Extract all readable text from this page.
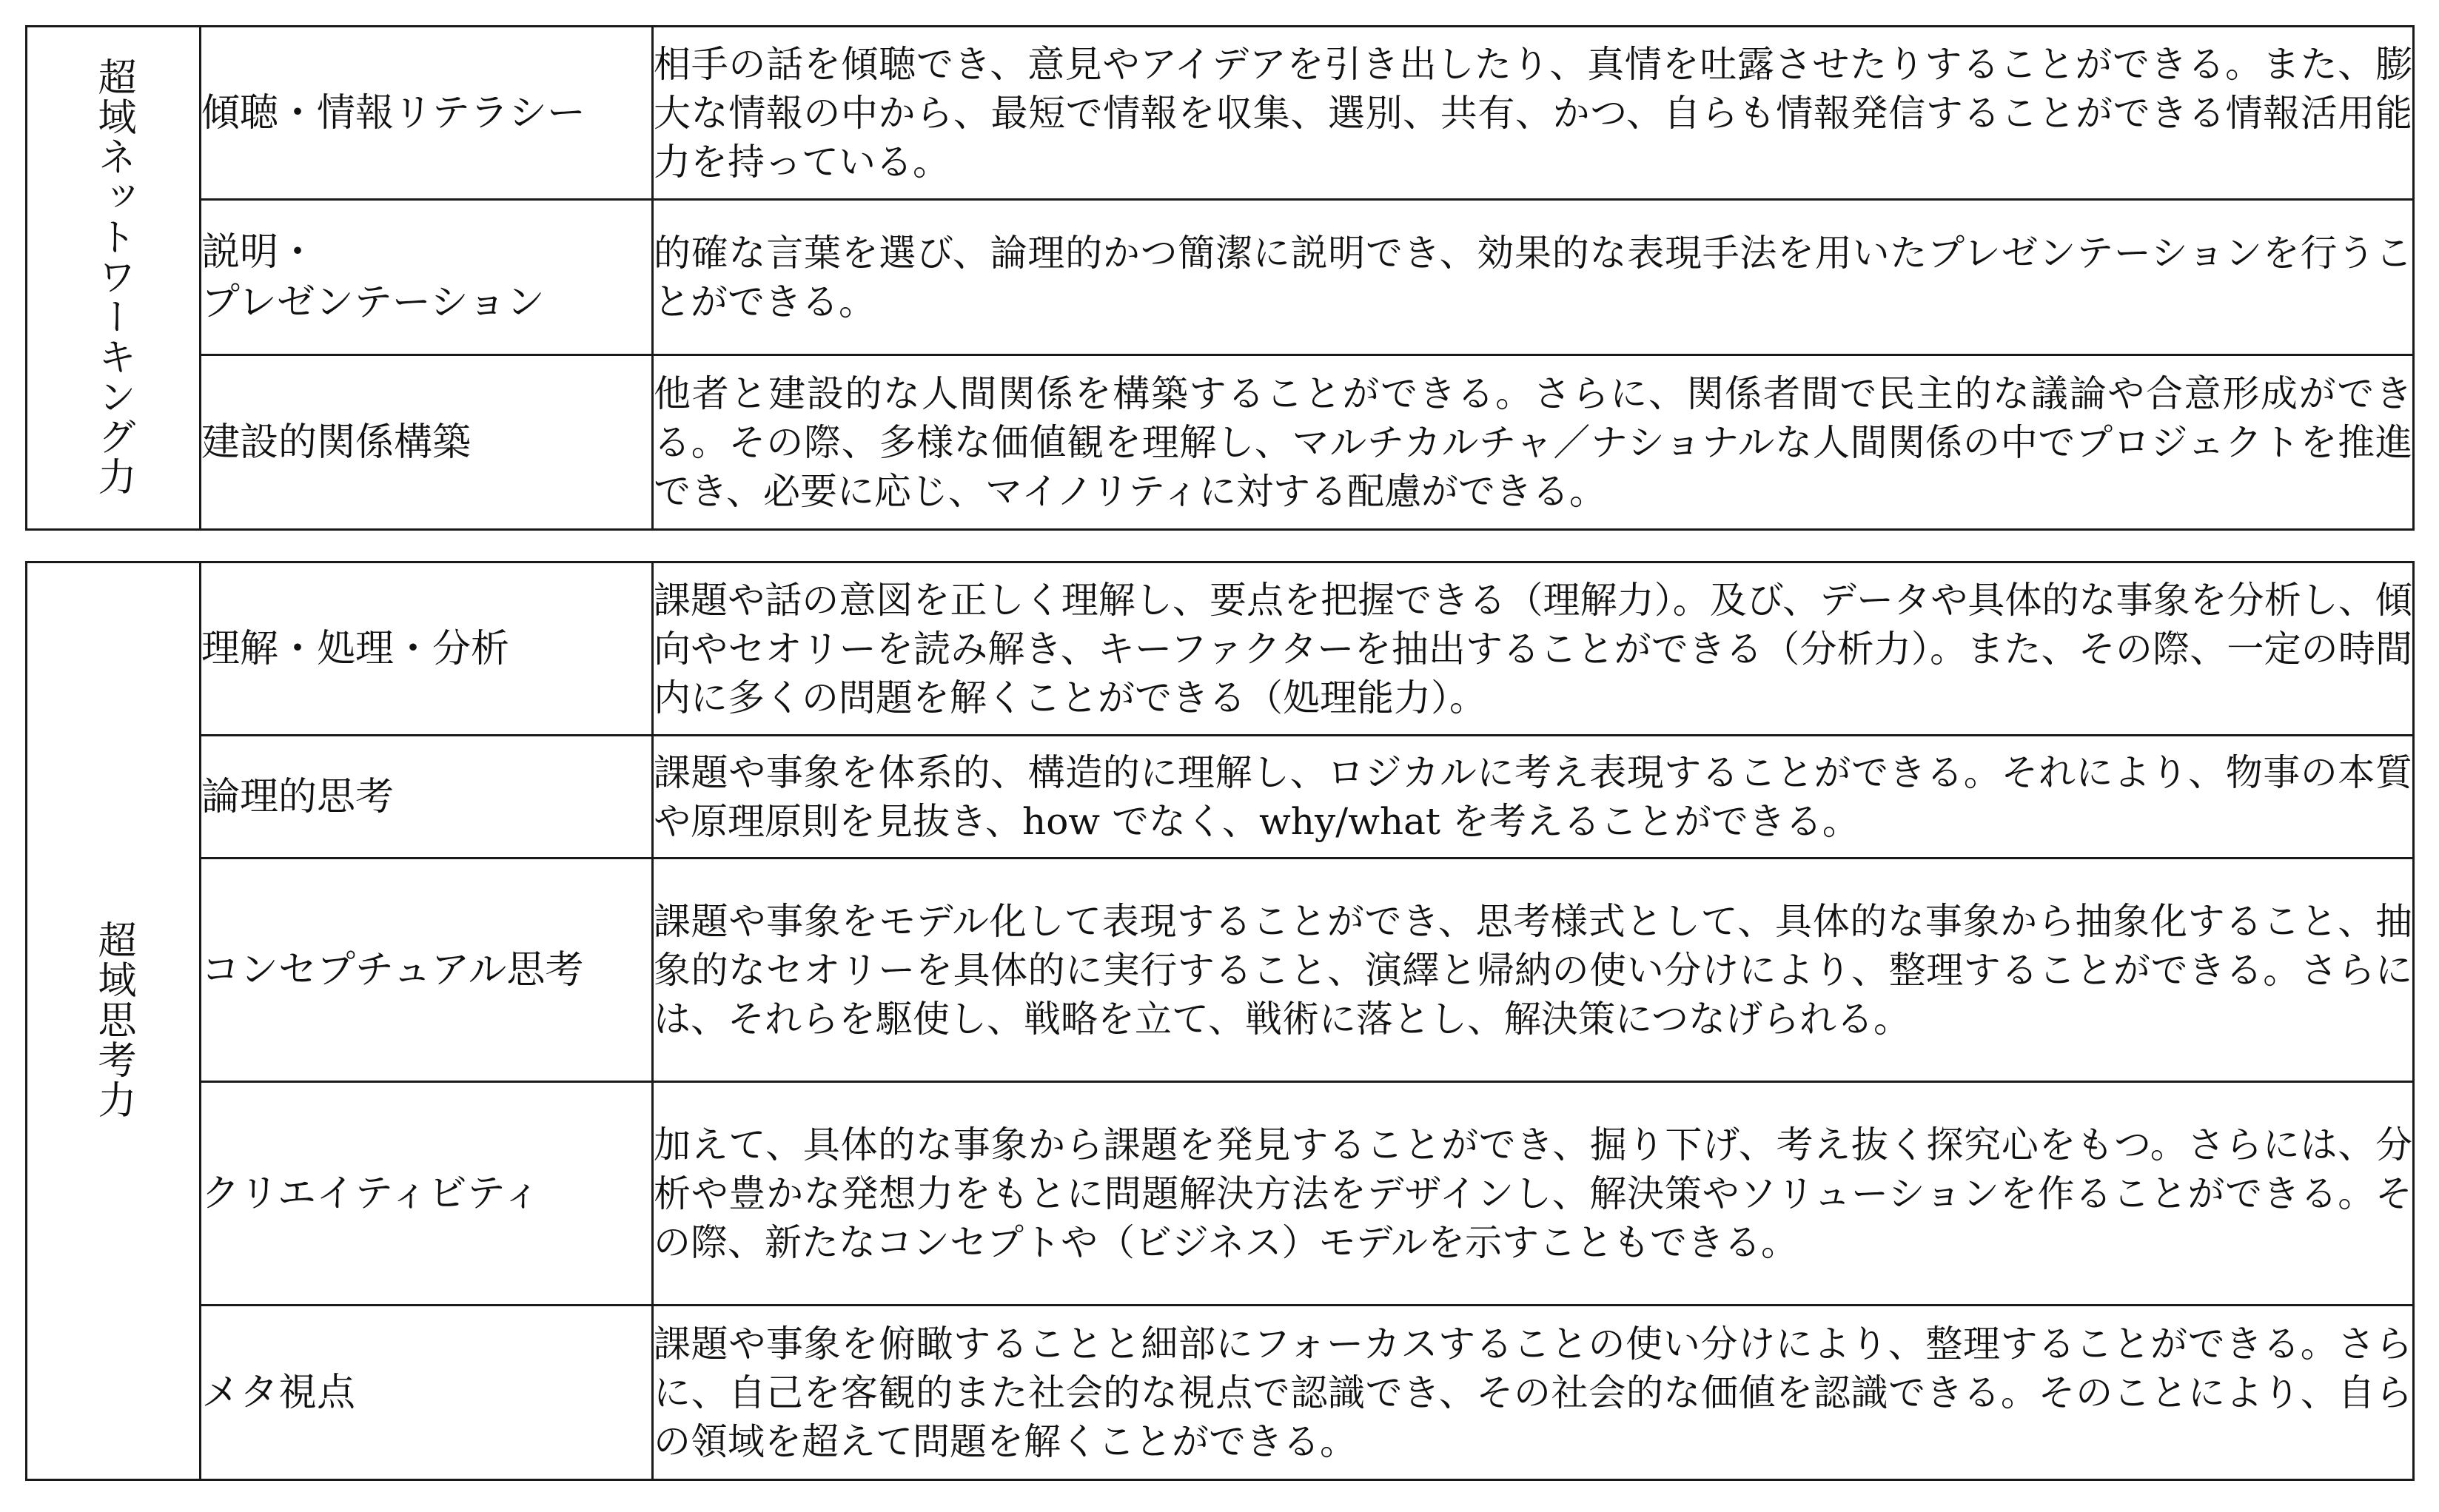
超域ネットワーキング力	傾聴・情報リテラシー	相手の話を傾聴でき、意見やアイデアを引き出したり、真情を吐露させたりすることができる。また、膨大な情報の中から、最短で情報を収集、選別、共有、かつ、自らも情報発信することができる情報活用能力を持っている。

	説明・
プレゼンテーション	的確な言葉を選び、論理的かつ簡潔に説明でき、効果的な表現手法を用いたプレゼンテーションを行うことができる。
	建設的関係構築	他者と建設的な人間関係を構築することができる。さらに、関係者間で民主的な議論や合意形成ができる。その際、多様な価値観を理解し、マルチカルチャ／ナショナルな人間関係の中でプロジェクトを推進でき、必要に応じ、マイノリティに対する配慮ができる。
超域思考力	理解・処理・分析	課題や話の意図を正しく理解し、要点を把握できる（理解力）。及び、データや具体的な事象を分析し、傾向やセオリーを読み解き、キーファクターを抽出することができる（分析力）。また、その際、一定の時間内に多くの問題を解くことができる（処理能力）。
	論理的思考	課題や事象を体系的、構造的に理解し、ロジカルに考え表現することができる。それにより、物事の本質や原理原則を見抜き、how でなく、why/what を考えることができる。
	コンセプチュアル思考	課題や事象をモデル化して表現することができ、思考様式として、具体的な事象から抽象化すること、抽象的なセオリーを具体的に実行すること、演繹と帰納の使い分けにより、整理することができる。さらには、それらを駆使し、戦略を立て、戦術に落とし、解決策につなげられる。
	クリエイティビティ	加えて、具体的な事象から課題を発見することができ、掘り下げ、考え抜く探究心をもつ。さらには、分析や豊かな発想力をもとに問題解決方法をデザインし、解決策やソリューションを作ることができる。その際、新たなコンセプトや（ビジネス）モデルを示すこともできる。
	メタ視点	課題や事象を俯瞰することと細部にフォーカスすることの使い分けにより、整理することができる。さらに、自己を客観的また社会的な視点で認識でき、その社会的な価値を認識できる。そのことにより、自らの領域を超えて問題を解くことができる。
